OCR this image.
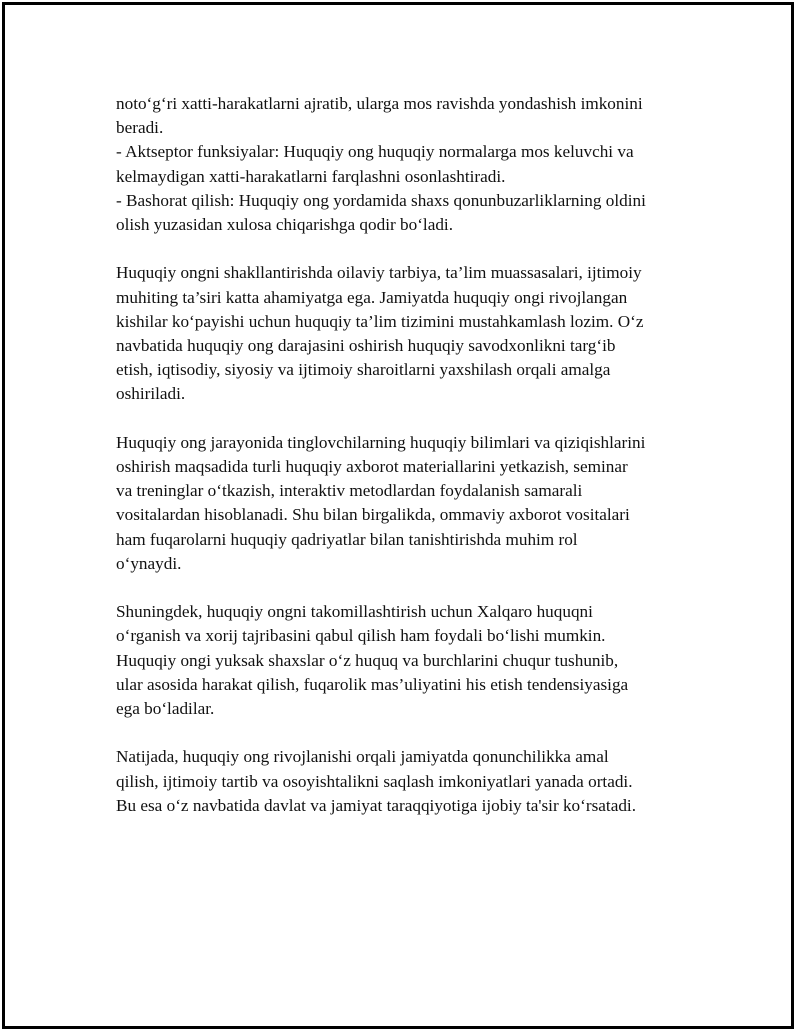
noto‘g‘ri xatti-harakatlarni ajratib, ularga mos ravishda yondashish imkonini
beradi.
- Aktseptor funksiyalar: Huquqiy ong huquqiy normalarga mos keluvchi va
kelmaydigan xatti-harakatlarni farqlashni osonlashtiradi.
- Bashorat qilish: Huquqiy ong yordamida shaxs qonunbuzarliklarning oldini
olish yuzasidan xulosa chiqarishga qodir bo‘ladi.

Huquqiy ongni shakllantirishda oilaviy tarbiya, ta’lim muassasalari, ijtimoiy
muhiting ta’siri katta ahamiyatga ega. Jamiyatda huquqiy ongi rivojlangan
kishilar ko‘payishi uchun huquqiy ta’lim tizimini mustahkamlash lozim. O‘z
navbatida huquqiy ong darajasini oshirish huquqiy savodxonlikni targ‘ib
etish, iqtisodiy, siyosiy va ijtimoiy sharoitlarni yaxshilash orqali amalga
oshiriladi.

Huquqiy ong jarayonida tinglovchilarning huquqiy bilimlari va qiziqishlarini
oshirish maqsadida turli huquqiy axborot materiallarini yetkazish, seminar
va treninglar o‘tkazish, interaktiv metodlardan foydalanish samarali
vositalardan hisoblanadi. Shu bilan birgalikda, ommaviy axborot vositalari
ham fuqarolarni huquqiy qadriyatlar bilan tanishtirishda muhim rol
o‘ynaydi.

Shuningdek, huquqiy ongni takomillashtirish uchun Xalqaro huquqni
o‘rganish va xorij tajribasini qabul qilish ham foydali bo‘lishi mumkin.
Huquqiy ongi yuksak shaxslar o‘z huquq va burchlarini chuqur tushunib,
ular asosida harakat qilish, fuqarolik mas’uliyatini his etish tendensiyasiga
ega bo‘ladilar.

Natijada, huquqiy ong rivojlanishi orqali jamiyatda qonunchilikka amal
qilish, ijtimoiy tartib va osoyishtalikni saqlash imkoniyatlari yanada ortadi.
Bu esa o‘z navbatida davlat va jamiyat taraqqiyotiga ijobiy ta'sir ko‘rsatadi.
